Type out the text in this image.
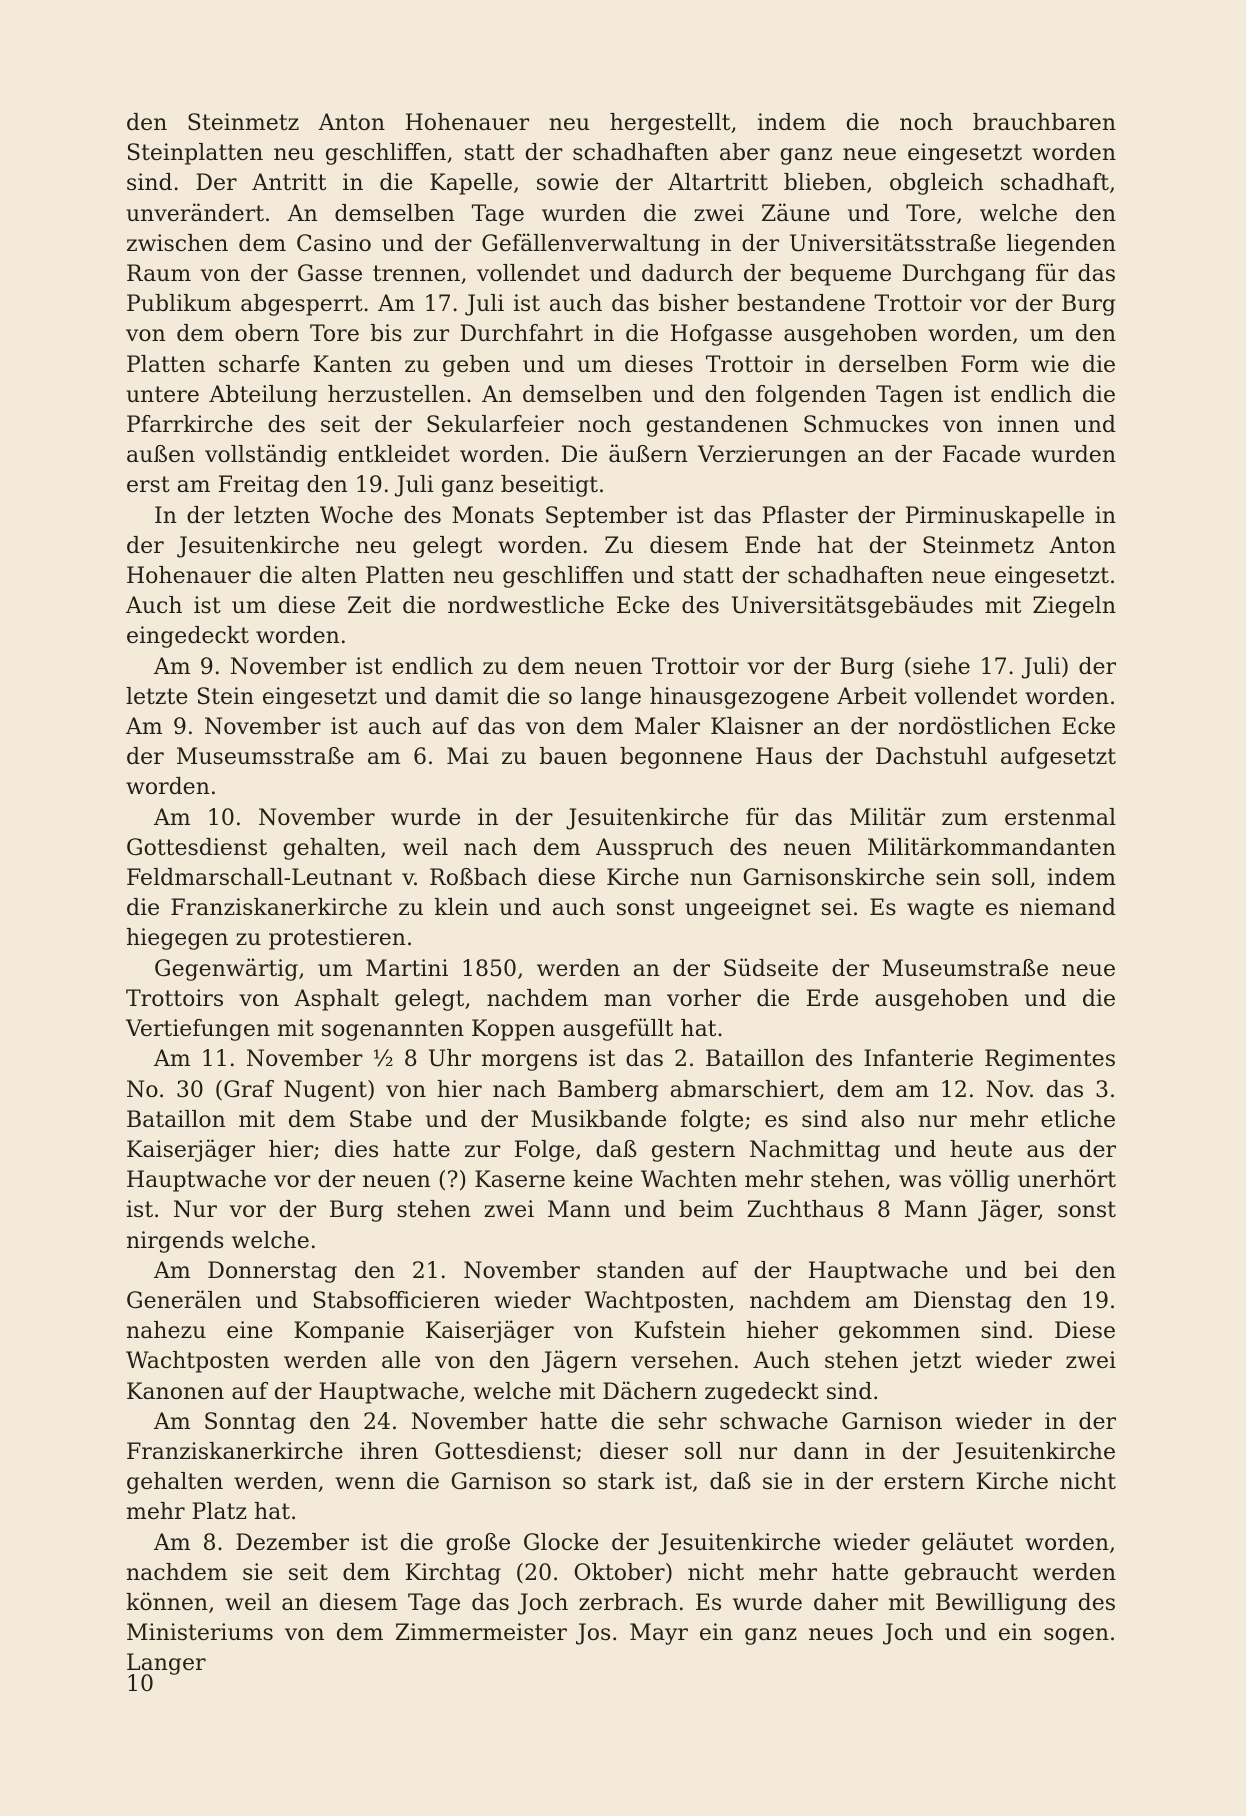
den Steinmetz Anton Hohenauer neu hergestellt, indem die noch brauchbaren Steinplatten neu geschliffen, statt der schadhaften aber ganz neue eingesetzt worden sind. Der Antritt in die Kapelle, sowie der Altartritt blieben, obgleich schadhaft, unverändert. An demselben Tage wurden die zwei Zäune und Tore, welche den zwischen dem Casino und der Gefällenverwaltung in der Universitätsstraße liegenden Raum von der Gasse trennen, vollendet und dadurch der bequeme Durchgang für das Publikum abgesperrt. Am 17. Juli ist auch das bisher bestandene Trottoir vor der Burg von dem obern Tore bis zur Durchfahrt in die Hofgasse ausgehoben worden, um den Platten scharfe Kanten zu geben und um dieses Trottoir in derselben Form wie die untere Abteilung herzustellen. An demselben und den folgenden Tagen ist endlich die Pfarrkirche des seit der Sekularfeier noch gestandenen Schmuckes von innen und außen vollständig entkleidet worden. Die äußern Verzierungen an der Facade wurden erst am Freitag den 19. Juli ganz beseitigt.

In der letzten Woche des Monats September ist das Pflaster der Pirminuskapelle in der Jesuitenkirche neu gelegt worden. Zu diesem Ende hat der Steinmetz Anton Hohenauer die alten Platten neu geschliffen und statt der schadhaften neue eingesetzt. Auch ist um diese Zeit die nordwestliche Ecke des Universitätsgebäudes mit Ziegeln eingedeckt worden.

Am 9. November ist endlich zu dem neuen Trottoir vor der Burg (siehe 17. Juli) der letzte Stein eingesetzt und damit die so lange hinausgezogene Arbeit vollendet worden. Am 9. November ist auch auf das von dem Maler Klaisner an der nordöstlichen Ecke der Museumsstraße am 6. Mai zu bauen begonnene Haus der Dachstuhl aufgesetzt worden.

Am 10. November wurde in der Jesuitenkirche für das Militär zum erstenmal Gottesdienst gehalten, weil nach dem Ausspruch des neuen Militärkommandanten Feldmarschall-Leutnant v. Roßbach diese Kirche nun Garnisonskirche sein soll, indem die Franziskanerkirche zu klein und auch sonst ungeeignet sei. Es wagte es niemand hiegegen zu protestieren.

Gegenwärtig, um Martini 1850, werden an der Südseite der Museumstraße neue Trottoirs von Asphalt gelegt, nachdem man vorher die Erde ausgehoben und die Vertiefungen mit sogenannten Koppen ausgefüllt hat.

Am 11. November ½ 8 Uhr morgens ist das 2. Bataillon des Infanterie Regimentes No. 30 (Graf Nugent) von hier nach Bamberg abmarschiert, dem am 12. Nov. das 3. Bataillon mit dem Stabe und der Musikbande folgte; es sind also nur mehr etliche Kaiserjäger hier; dies hatte zur Folge, daß gestern Nachmittag und heute aus der Hauptwache vor der neuen (?) Kaserne keine Wachten mehr stehen, was völlig unerhört ist. Nur vor der Burg stehen zwei Mann und beim Zuchthaus 8 Mann Jäger, sonst nirgends welche.

Am Donnerstag den 21. November standen auf der Hauptwache und bei den Generälen und Stabsofficieren wieder Wachtposten, nachdem am Dienstag den 19. nahezu eine Kompanie Kaiserjäger von Kufstein hieher gekommen sind. Diese Wachtposten werden alle von den Jägern versehen. Auch stehen jetzt wieder zwei Kanonen auf der Hauptwache, welche mit Dächern zugedeckt sind.

Am Sonntag den 24. November hatte die sehr schwache Garnison wieder in der Franziskanerkirche ihren Gottesdienst; dieser soll nur dann in der Jesuitenkirche gehalten werden, wenn die Garnison so stark ist, daß sie in der erstern Kirche nicht mehr Platz hat.

Am 8. Dezember ist die große Glocke der Jesuitenkirche wieder geläutet worden, nachdem sie seit dem Kirchtag (20. Oktober) nicht mehr hatte gebraucht werden können, weil an diesem Tage das Joch zerbrach. Es wurde daher mit Bewilligung des Ministeriums von dem Zimmermeister Jos. Mayr ein ganz neues Joch und ein sogen. Langer

10
